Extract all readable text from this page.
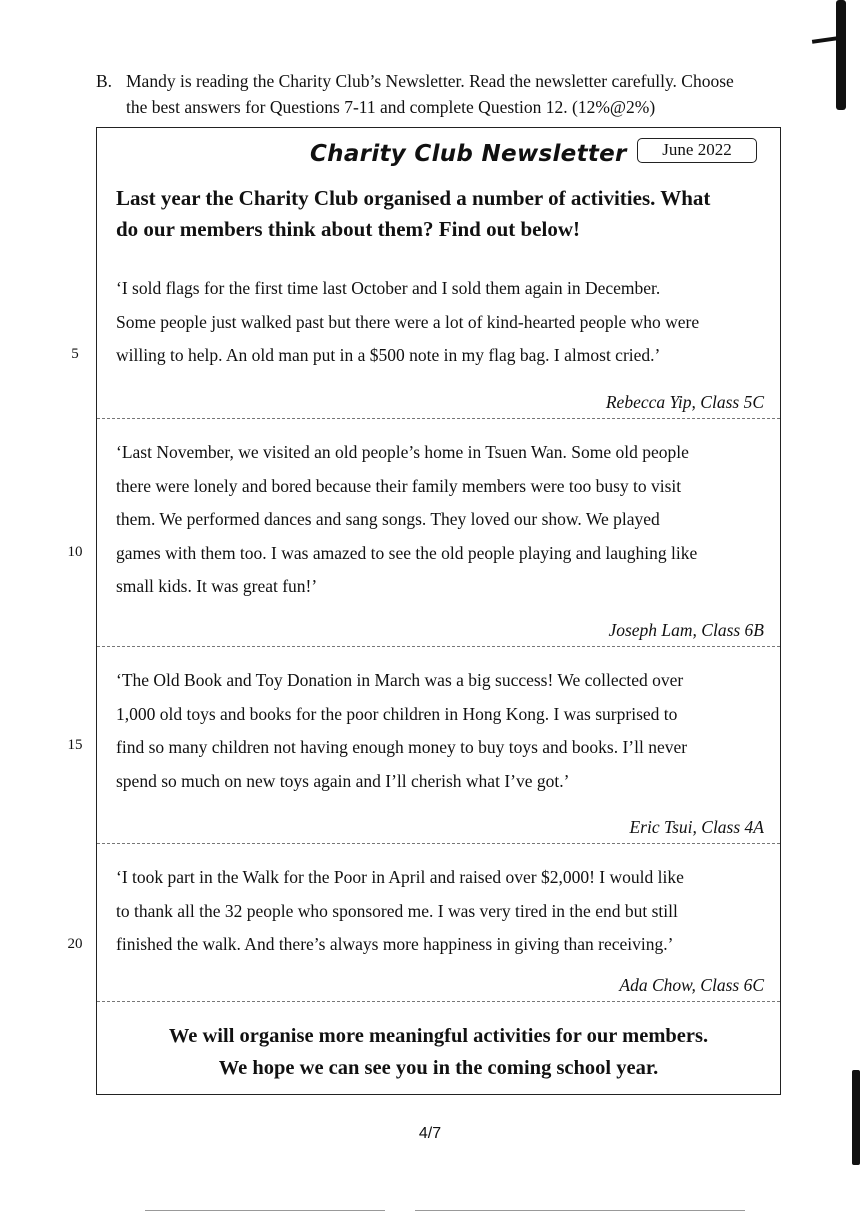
B. Mandy is reading the Charity Club’s Newsletter. Read the newsletter carefully. Choose
the best answers for Questions 7-11 and complete Question 12. (12%@2%)
Charity Club Newsletter	June 2022
Last year the Charity Club organised a number of activities. What
do our members think about them? Find out below!
‘I sold flags for the first time last October and I sold them again in December.
Some people just walked past but there were a lot of kind-hearted people who were
willing to help. An old man put in a $500 note in my flag bag. I almost cried.’
Rebecca Yip, Class 5C
‘Last November, we visited an old people’s home in Tsuen Wan. Some old people
there were lonely and bored because their family members were too busy to visit
them. We performed dances and sang songs. They loved our show. We played
games with them too. I was amazed to see the old people playing and laughing like
small kids. It was great fun!’
Joseph Lam, Class 6B
‘The Old Book and Toy Donation in March was a big success! We collected over
1,000 old toys and books for the poor children in Hong Kong. I was surprised to
find so many children not having enough money to buy toys and books. I’ll never
spend so much on new toys again and I’ll cherish what I’ve got.’
Eric Tsui, Class 4A
‘I took part in the Walk for the Poor in April and raised over $2,000! I would like
to thank all the 32 people who sponsored me. I was very tired in the end but still
finished the walk. And there’s always more happiness in giving than receiving.’
Ada Chow, Class 6C
We will organise more meaningful activities for our members.
We hope we can see you in the coming school year.
5
10
15
20
4/7
